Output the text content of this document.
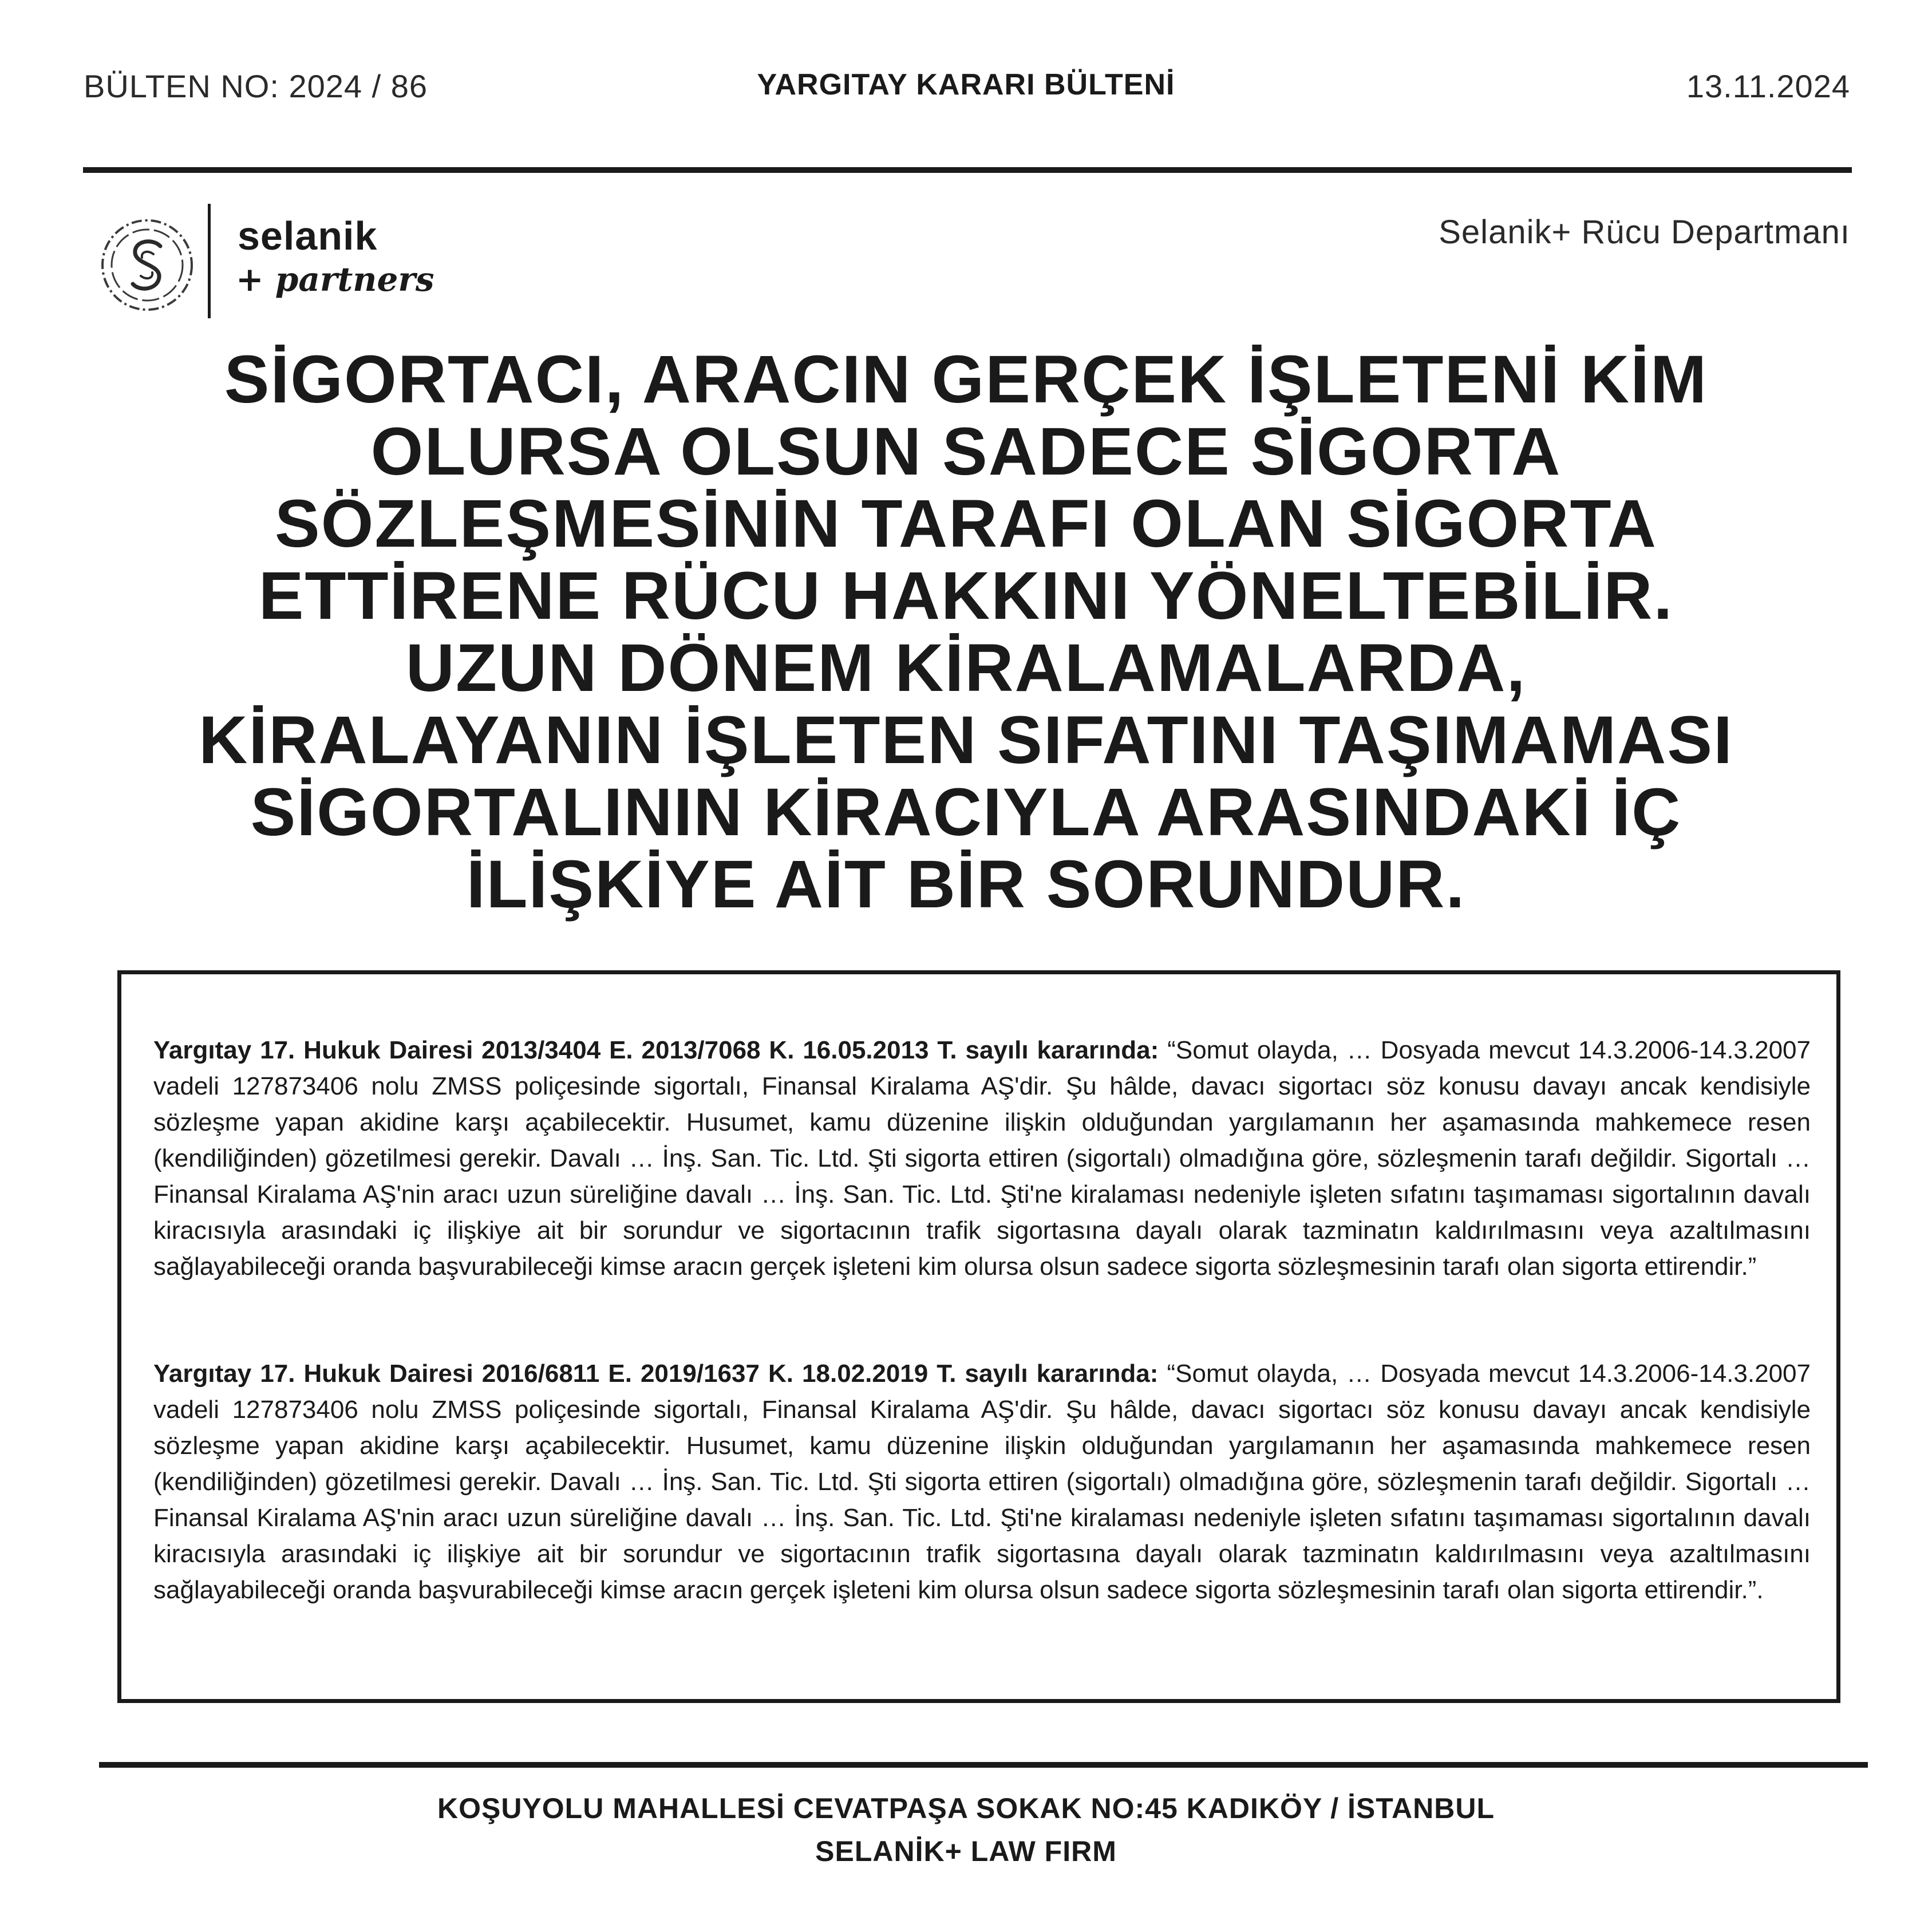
BÜLTEN NO: 2024 / 86	YARGITAY KARARI BÜLTENİ	13.11.2024
selanik
+ partners
Selanik+ Rücu Departmanı
SİGORTACI, ARACIN GERÇEK İŞLETENİ KİM
OLURSA OLSUN SADECE SİGORTA
SÖZLEŞMESİNİN TARAFI OLAN SİGORTA
ETTİRENE RÜCU HAKKINI YÖNELTEBİLİR.
UZUN DÖNEM KİRALAMALARDA,
KİRALAYANIN İŞLETEN SIFATINI TAŞIMAMASI
SİGORTALININ KİRACIYLA ARASINDAKİ İÇ
İLİŞKİYE AİT BİR SORUNDUR.
Yargıtay 17. Hukuk Dairesi 2013/3404 E. 2013/7068 K. 16.05.2013 T. sayılı kararında: “Somut olayda, … Dosyada mevcut 14.3.2006-14.3.2007 vadeli 127873406 nolu ZMSS poliçesinde sigortalı, Finansal Kiralama AŞ'dir. Şu hâlde, davacı sigortacı söz konusu davayı ancak kendisiyle sözleşme yapan akidine karşı açabilecektir. Husumet, kamu düzenine ilişkin olduğundan yargılamanın her aşamasında mahkemece resen (kendiliğinden) gözetilmesi gerekir. Davalı … İnş. San. Tic. Ltd. Şti sigorta ettiren (sigortalı) olmadığına göre, sözleşmenin tarafı değildir. Sigortalı … Finansal Kiralama AŞ'nin aracı uzun süreliğine davalı … İnş. San. Tic. Ltd. Şti'ne kiralaması nedeniyle işleten sıfatını taşımaması sigortalının davalı kiracısıyla arasındaki iç ilişkiye ait bir sorundur ve sigortacının trafik sigortasına dayalı olarak tazminatın kaldırılmasını veya azaltılmasını sağlayabileceği oranda başvurabileceği kimse aracın gerçek işleteni kim olursa olsun sadece sigorta sözleşmesinin tarafı olan sigorta ettirendir.”
Yargıtay 17. Hukuk Dairesi 2016/6811 E. 2019/1637 K. 18.02.2019 T. sayılı kararında: “Somut olayda, … Dosyada mevcut 14.3.2006-14.3.2007 vadeli 127873406 nolu ZMSS poliçesinde sigortalı, Finansal Kiralama AŞ'dir. Şu hâlde, davacı sigortacı söz konusu davayı ancak kendisiyle sözleşme yapan akidine karşı açabilecektir. Husumet, kamu düzenine ilişkin olduğundan yargılamanın her aşamasında mahkemece resen (kendiliğinden) gözetilmesi gerekir. Davalı … İnş. San. Tic. Ltd. Şti sigorta ettiren (sigortalı) olmadığına göre, sözleşmenin tarafı değildir. Sigortalı … Finansal Kiralama AŞ'nin aracı uzun süreliğine davalı … İnş. San. Tic. Ltd. Şti'ne kiralaması nedeniyle işleten sıfatını taşımaması sigortalının davalı kiracısıyla arasındaki iç ilişkiye ait bir sorundur ve sigortacının trafik sigortasına dayalı olarak tazminatın kaldırılmasını veya azaltılmasını sağlayabileceği oranda başvurabileceği kimse aracın gerçek işleteni kim olursa olsun sadece sigorta sözleşmesinin tarafı olan sigorta ettirendir.”.
KOŞUYOLU MAHALLESİ CEVATPAŞA SOKAK NO:45 KADIKÖY / İSTANBUL
SELANİK+ LAW FIRM
